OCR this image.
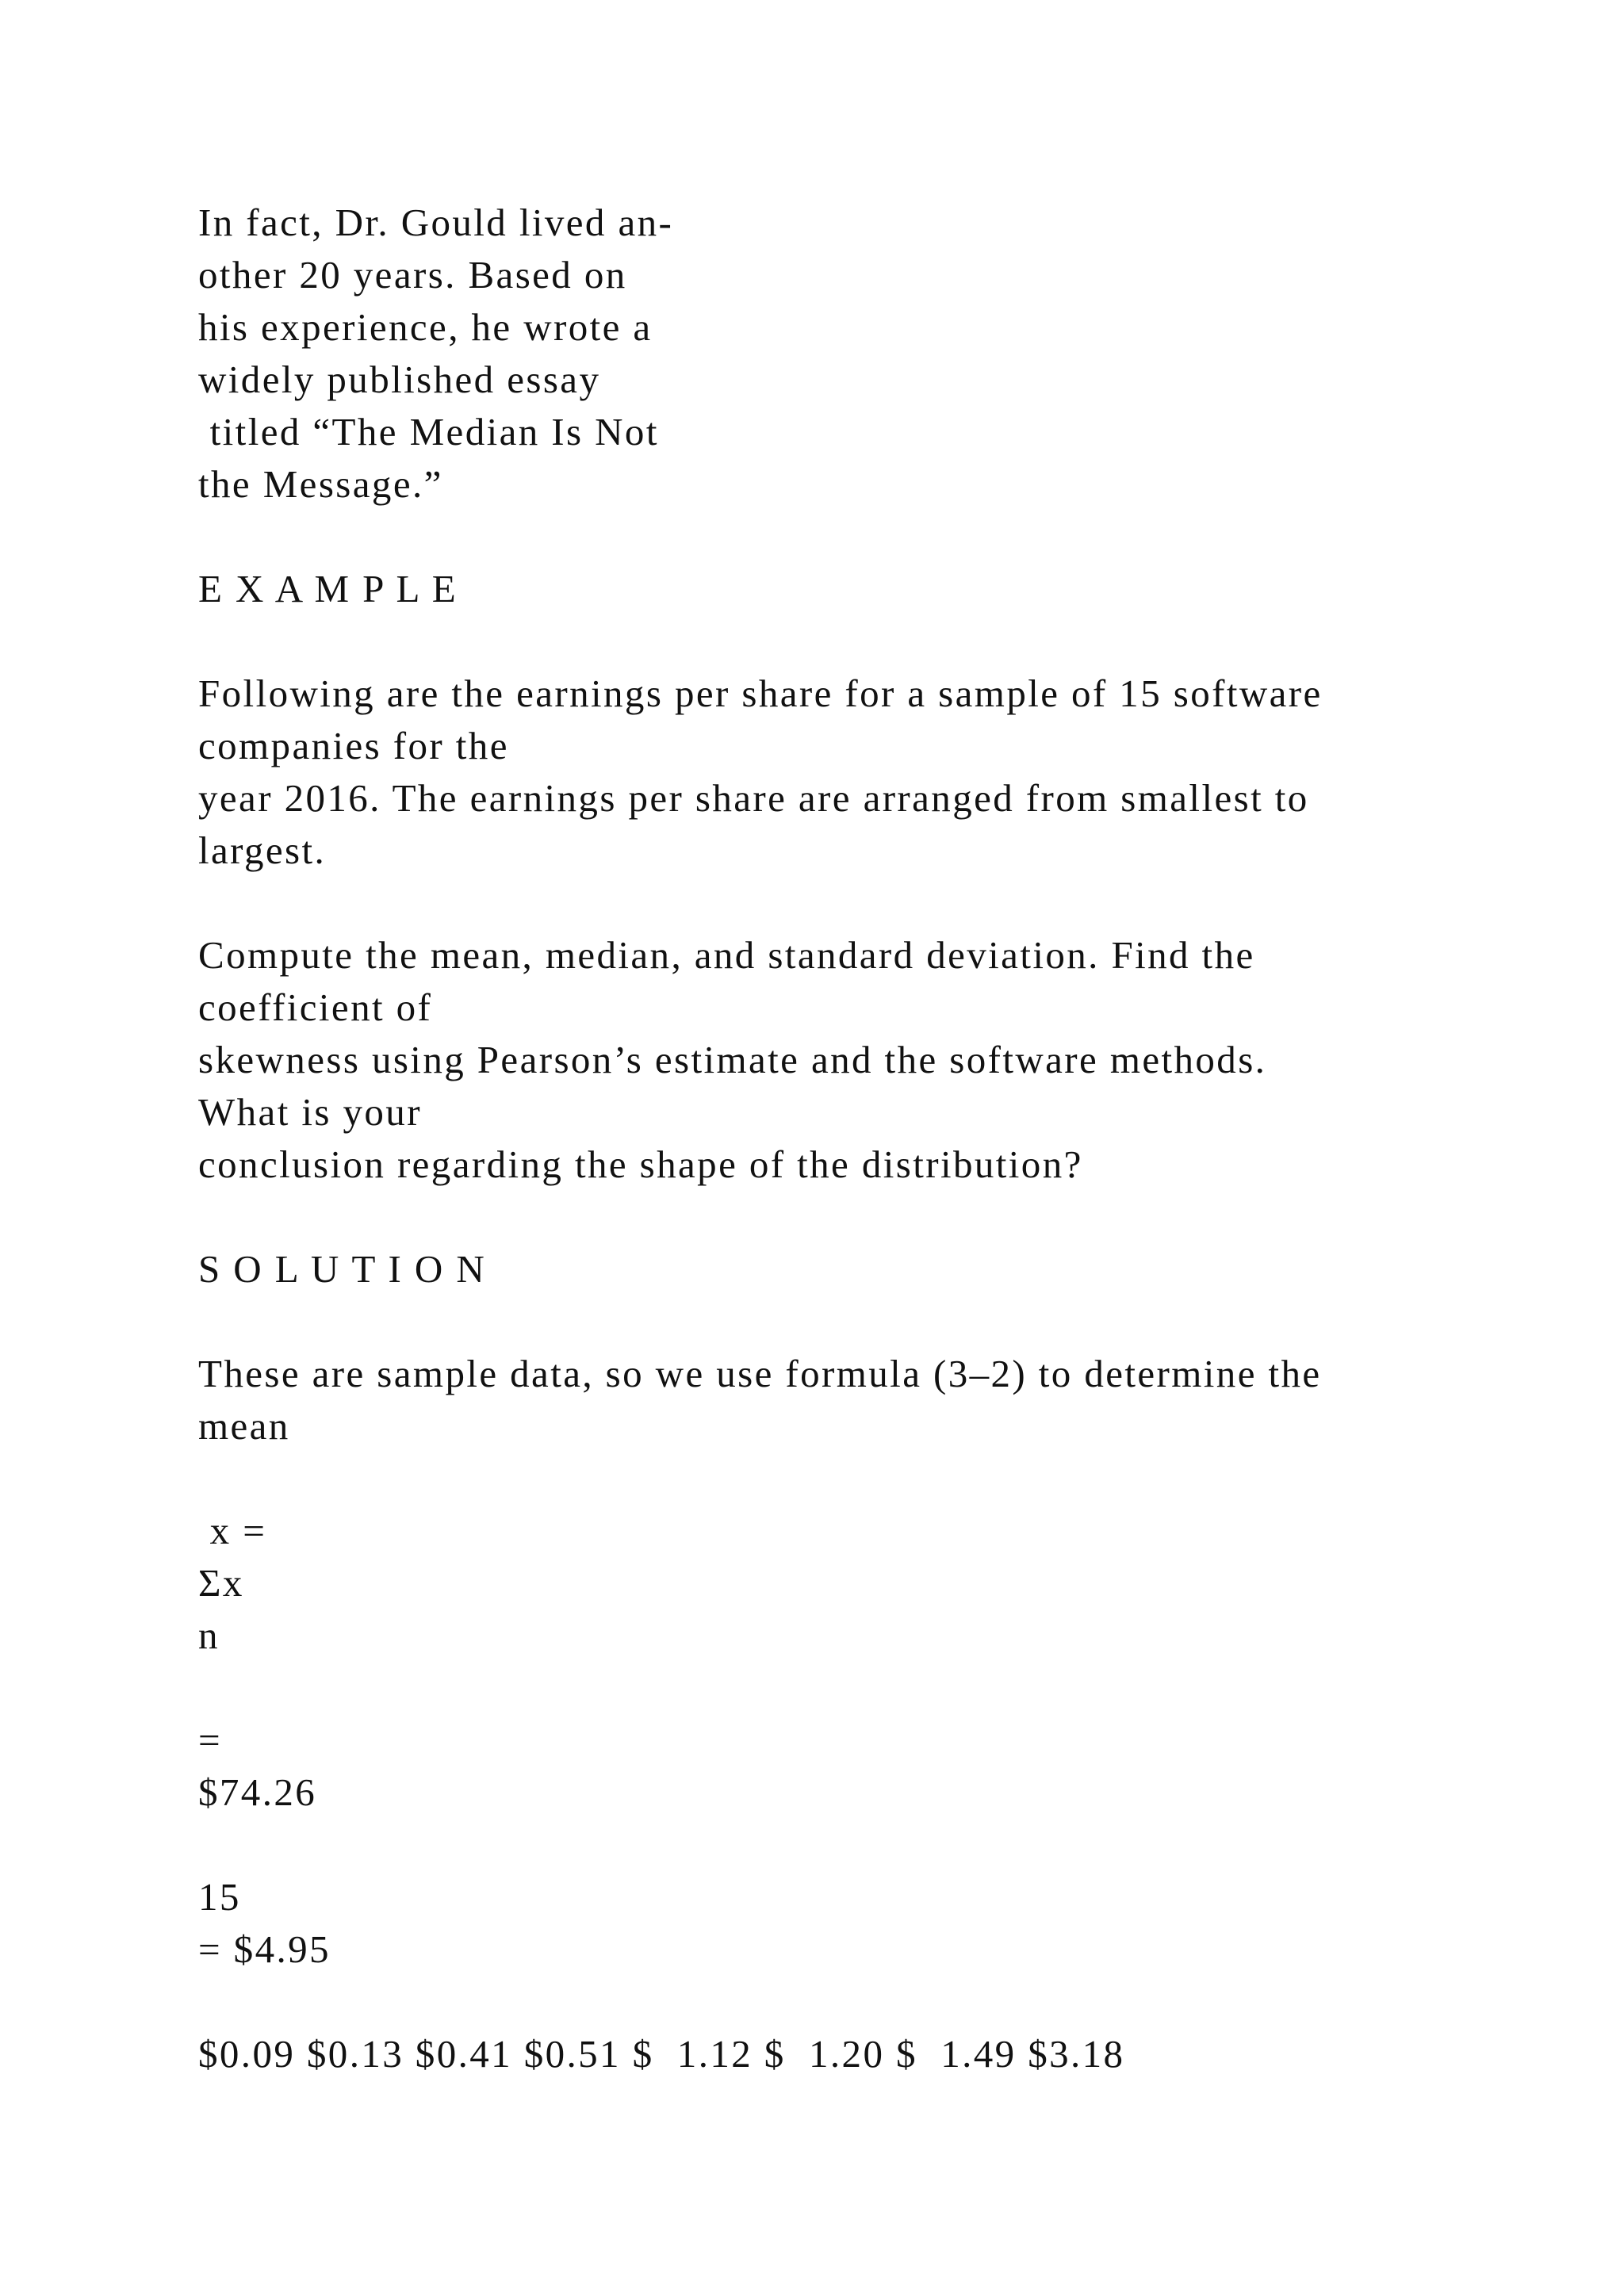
In fact, Dr. Gould lived an-

other 20 years. Based on

his experience, he wrote a

widely published essay

titled “The Median Is Not

the Message.”

E X A M P L E

Following are the earnings per share for a sample of 15 software

companies for the

year 2016. The earnings per share are arranged from smallest to

largest.

Compute the mean, median, and standard deviation. Find the

coefficient of

skewness using Pearson’s estimate and the software methods.

What is your

conclusion regarding the shape of the distribution?

S O L U T I O N

These are sample data, so we use formula (3–2) to determine the

mean

x =

Σx

n

=

$74.26

15

= $4.95

$0.09 $0.13 $0.41 $0.51 $  1.12 $  1.20 $  1.49 $3.18
